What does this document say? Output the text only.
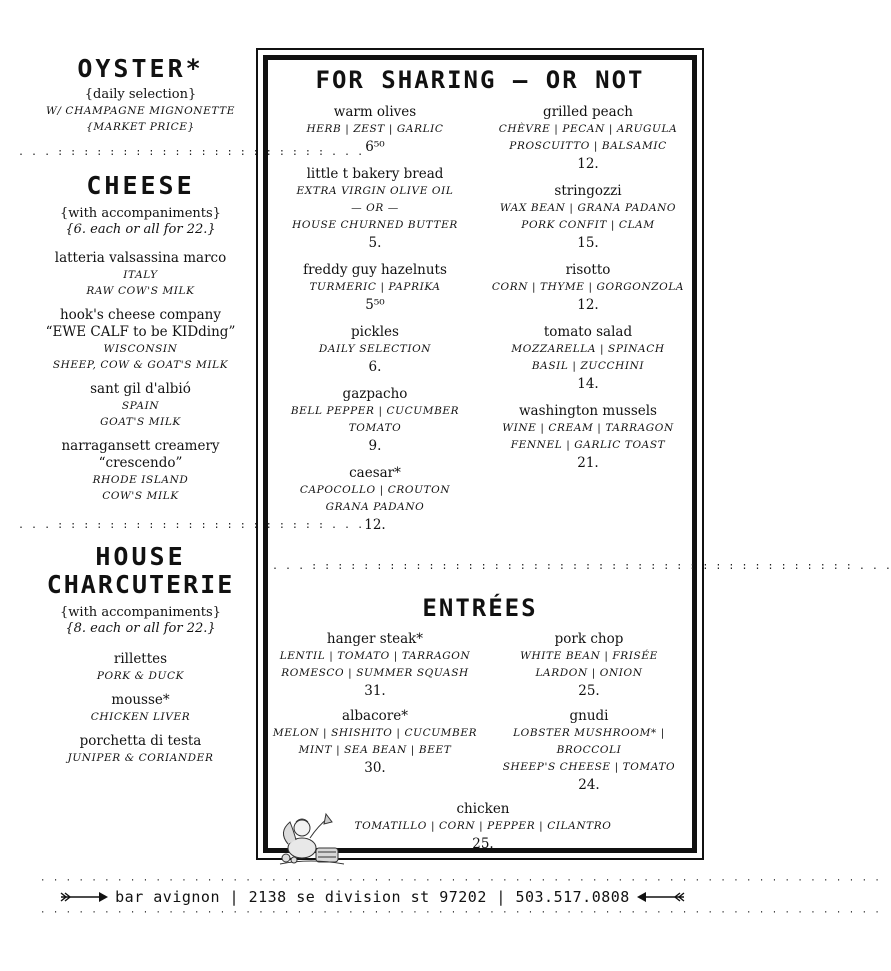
OYSTER*
{daily selection}
W/ CHAMPAGNE MIGNONETTE
{MARKET PRICE}
. . . : : : : : : : : : : : : : : : : : : : : : . . .
CHEESE
{with accompaniments}
{6. each or all for 22.}
latteria valsassina marco
ITALY
RAW COW'S MILK
hook's cheese company
“EWE CALF to be KIDding”
WISCONSIN
SHEEP, COW & GOAT'S MILK
sant gil d'albió
SPAIN
GOAT'S MILK
narragansett creamery
“crescendo”
RHODE ISLAND
COW'S MILK
. . . : : : : : : : : : : : : : : : : : : : : : . . .
HOUSE
CHARCUTERIE
{with accompaniments}
{8. each or all for 22.}
rillettes
PORK & DUCK
mousse*
CHICKEN LIVER
porchetta di testa
JUNIPER & CORIANDER
FOR SHARING — OR NOT
warm olives
HERB | ZEST | GARLIC
6⁵⁰
little t bakery bread
EXTRA VIRGIN OLIVE OIL
— OR —
HOUSE CHURNED BUTTER
5.
freddy guy hazelnuts
TURMERIC | PAPRIKA
5⁵⁰
pickles
DAILY SELECTION
6.
gazpacho
BELL PEPPER | CUCUMBER
TOMATO
9.
caesar*
CAPOCOLLO | CROUTON
GRANA PADANO
12.
grilled peach
CHÈVRE | PECAN | ARUGULA
PROSCUITTO | BALSAMIC
12.
stringozzi
WAX BEAN | GRANA PADANO
PORK CONFIT | CLAM
15.
risotto
CORN | THYME | GORGONZOLA
12.
tomato salad
MOZZARELLA | SPINACH
BASIL | ZUCCHINI
14.
washington mussels
WINE | CREAM | TARRAGON
FENNEL | GARLIC TOAST
21.
. . . : : : : : : : : : : : : : : : : : : : : : : : : : : : : : : : : : : : : : : : : : : . . .
ENTRÉES
hanger steak*
LENTIL | TOMATO | TARRAGON
ROMESCO | SUMMER SQUASH
31.
albacore*
MELON | SHISHITO | CUCUMBER
MINT | SEA BEAN | BEET
30.
pork chop
WHITE BEAN | FRISÉE
LARDON | ONION
25.
gnudi
LOBSTER MUSHROOM* | BROCCOLI
SHEEP'S CHEESE | TOMATO
24.
chicken
TOMATILLO | CORN | PEPPER | CILANTRO
25.
· · · · · · · · · · · · · · · · · · · · · · · · · · · · · · · · · · · · · · · · · · · · · · · · · · · · · · · · · · · · · · · · · ·
bar avignon | 2138 se division st 97202 | 503.517.0808
· · · · · · · · · · · · · · · · · · · · · · · · · · · · · · · · · · · · · · · · · · · · · · · · · · · · · · · · · · · · · · · · · ·
